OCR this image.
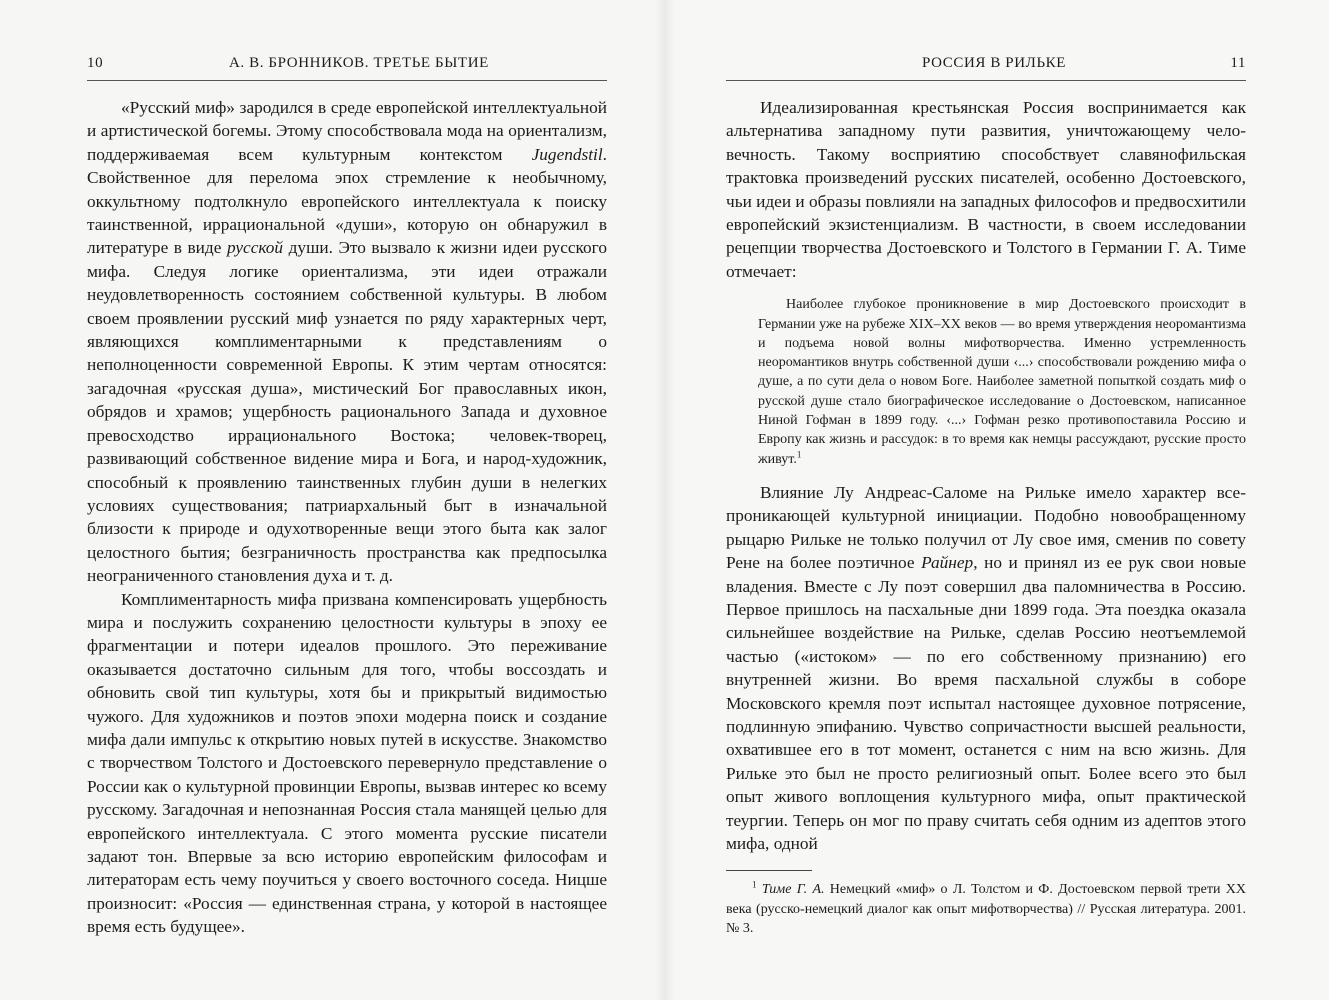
10	А. В. БРОННИКОВ. ТРЕТЬЕ БЫТИЕ

«Русский миф» зародился в среде европейской интеллектуальной и артистической богемы. Этому способствовала мода на ориентализм, поддерживаемая всем культурным контекстом Jugendstil. Свойственное для перелома эпох стремление к необычному, оккультному подтолкнуло европейского интеллектуала к поиску таинственной, иррациональной «души», которую он обнаружил в литературе в виде русской души. Это вызвало к жизни идеи русского мифа. Следуя логике ориентализма, эти идеи отражали неудовлетворенность состоянием собственной культуры. В любом своем проявлении русский миф узнается по ряду характерных черт, являющихся комплиментарными к представлениям о неполноценности современной Европы. К этим чертам относятся: загадочная «русская душа», мистический Бог православных икон, обрядов и храмов; ущербность рационального Запада и духовное превосходство иррационального Востока; человек-творец, развивающий собственное видение мира и Бога, и народ-художник, способный к проявлению таинственных глубин души в нелегких условиях существования; патриархальный быт в изначальной близости к природе и одухотворенные вещи этого быта как залог целостного бытия; безграничность пространства как предпосылка неограниченного становления духа и т. д.

Комплиментарность мифа призвана компенсировать ущербность мира и послужить сохранению целостности культуры в эпоху ее фрагментации и потери идеалов прошлого. Это переживание оказывается достаточно сильным для того, чтобы воссоздать и обновить свой тип культуры, хотя бы и прикрытый видимостью чужого. Для художников и поэтов эпохи модерна поиск и создание мифа дали импульс к открытию новых путей в искусстве. Знакомство с творчеством Толстого и Достоевского перевернуло представление о России как о культурной провинции Европы, вызвав интерес ко всему русскому. Загадочная и непознанная Россия стала манящей целью для европейского интеллектуала. С этого момента русские писатели задают тон. Впервые за всю историю европейским философам и литераторам есть чему поучиться у своего восточного соседа. Ницше произносит: «Россия — единственная страна, у которой в настоящее время есть будущее».

РОССИЯ В РИЛЬКЕ	11

Идеализированная крестьянская Россия воспринимается как альтернатива западному пути развития, уничтожающему человечность. Такому восприятию способствует славянофильская трактовка произведений русских писателей, особенно Достоевского, чьи идеи и образы повлияли на западных философов и предвосхитили европейский экзистенциализм. В частности, в своем исследовании рецепции творчества Достоевского и Толстого в Германии Г. А. Тиме отмечает:

Наиболее глубокое проникновение в мир Достоевского происходит в Германии уже на рубеже XIX–XX веков — во время утверждения неоромантизма и подъема новой волны мифотворчества. Именно устремленность неоромантиков внутрь собственной души ‹...› способствовали рождению мифа о душе, а по сути дела о новом Боге. Наиболее заметной попыткой создать миф о русской душе стало биографическое исследование о Достоевском, написанное Ниной Гофман в 1899 году. ‹...› Гофман резко противопоставила Россию и Европу как жизнь и рассудок: в то время как немцы рассуждают, русские просто живут.$^1$

Влияние Лу Андреас-Саломе на Рильке имело характер всепроникающей культурной инициации. Подобно новообращенному рыцарю Рильке не только получил от Лу свое имя, сменив по совету Рене на более поэтичное Райнер, но и принял из ее рук свои новые владения. Вместе с Лу поэт совершил два паломничества в Россию. Первое пришлось на пасхальные дни 1899 года. Эта поездка оказала сильнейшее воздействие на Рильке, сделав Россию неотъемлемой частью («истоком» — по его собственному признанию) его внутренней жизни. Во время пасхальной службы в соборе Московского кремля поэт испытал настоящее духовное потрясение, подлинную эпифанию. Чувство сопричастности высшей реальности, охватившее его в тот момент, останется с ним на всю жизнь. Для Рильке это был не просто религиозный опыт. Более всего это был опыт живого воплощения культурного мифа, опыт практической теургии. Теперь он мог по праву считать себя одним из адептов этого мифа, одной

$^1$ Тиме Г. А. Немецкий «миф» о Л. Толстом и Ф. Достоевском первой трети XX века (русско-немецкий диалог как опыт мифотворчества) // Русская литература. 2001. № 3.
